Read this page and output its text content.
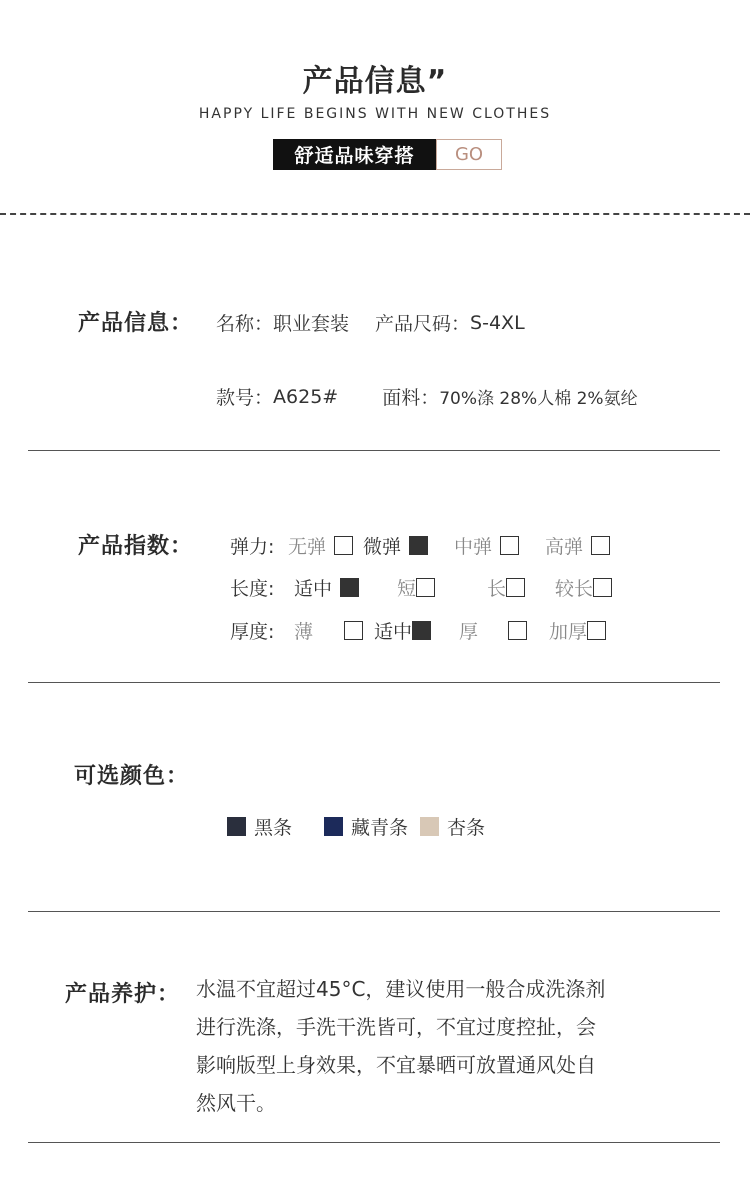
产品信息”
HAPPY LIFE BEGINS WITH NEW CLOTHES
舒适品味穿搭	GO
产品信息： 名称： 职业套装 产品尺码： S-4XL
款号： A625# 面料： 70%涤 28%人棉 2%氨纶
产品指数： 弹力: 无弹 微弹	中弹	高弹
长度:	适中	短	长	较长
厚度:	薄	适中 厚	加厚
可选颜色：
黑条	藏青条 杏条
产品养护： 水温不宜超过45°C，建议使用一般合成洗涤剂
进行洗涤，手洗干洗皆可，不宜过度控扯，会
影响版型上身效果，不宜暴晒可放置通风处自
然风干。
